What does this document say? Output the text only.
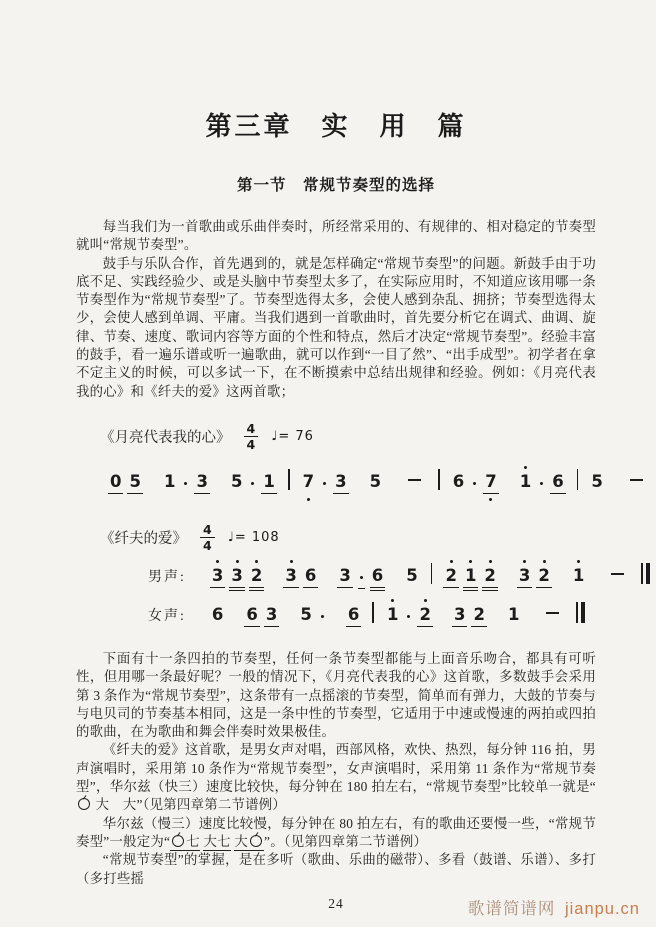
第三章　实　用　篇
第一节　常规节奏型的选择

每当我们为一首歌曲或乐曲伴奏时，所经常采用的、有规律的、相对稳定的节奏型就叫“常规节奏型”。

鼓手与乐队合作，首先遇到的，就是怎样确定“常规节奏型”的问题。新鼓手由于功底不足、实践经验少、或是头脑中节奏型太多了，在实际应用时，不知道应该用哪一条节奏型作为“常规节奏型”了。节奏型选得太多，会使人感到杂乱、拥挤；节奏型选得太少，会使人感到单调、平庸。当我们遇到一首歌曲时，首先要分析它在调式、曲调、旋律、节奏、速度、歌词内容等方面的个性和特点，然后才决定“常规节奏型”。经验丰富的鼓手，看一遍乐谱或听一遍歌曲，就可以作到“一目了然”、“出手成型”。初学者在拿不定主义的时候，可以多试一下，在不断摸索中总结出规律和经验。例如：《月亮代表我的心》和《纤夫的爱》这两首歌；

《月亮代表我的心》 $\frac{4}{4}$ ♩= 76
0 5 1 3 5 1 7 3 5	6 7 1 6 5
《纤夫的爱》 $\frac{4}{4}$ ♩= 108
男声: 3 3 2 3 6 3 6 5 2 1 2 3 2 1
女声: 6 6 3 5 6 1 2 3 2 1

下面有十一条四拍的节奏型，任何一条节奏型都能与上面音乐吻合，都具有可听性，但用哪一条最好呢？一般的情况下，《月亮代表我的心》这首歌，多数鼓手会采用第 3 条作为“常规节奏型”，这条带有一点摇滚的节奏型，简单而有弹力，大鼓的节奏与与电贝司的节奏基本相同，这是一条中性的节奏型，它适用于中速或慢速的两拍或四拍的歌曲，在为歌曲和舞会伴奏时效果极佳。

《纤夫的爱》这首歌，是男女声对唱，西部风格，欢快、热烈，每分钟 116 拍，男声演唱时，采用第 10 条作为“常规节奏型”，女声演唱时，采用第 11 条作为“常规节奏型”，华尔兹（快三）速度比较快，每分钟在 180 拍左右，“常规节奏型”比较单一就是“  大　大”（见第四章第二节谱例）

华尔兹（慢三）速度比较慢，每分钟在 80 拍左右，有的歌曲还要慢一些，“常规节奏型”一般定为“ 七 大七 大 ”。（见第四章第二节谱例）

“常规节奏型”的掌握，是在多听（歌曲、乐曲的磁带）、多看（鼓谱、乐谱）、多打（多打些摇

24	歌谱简谱网 jianpu.cn
